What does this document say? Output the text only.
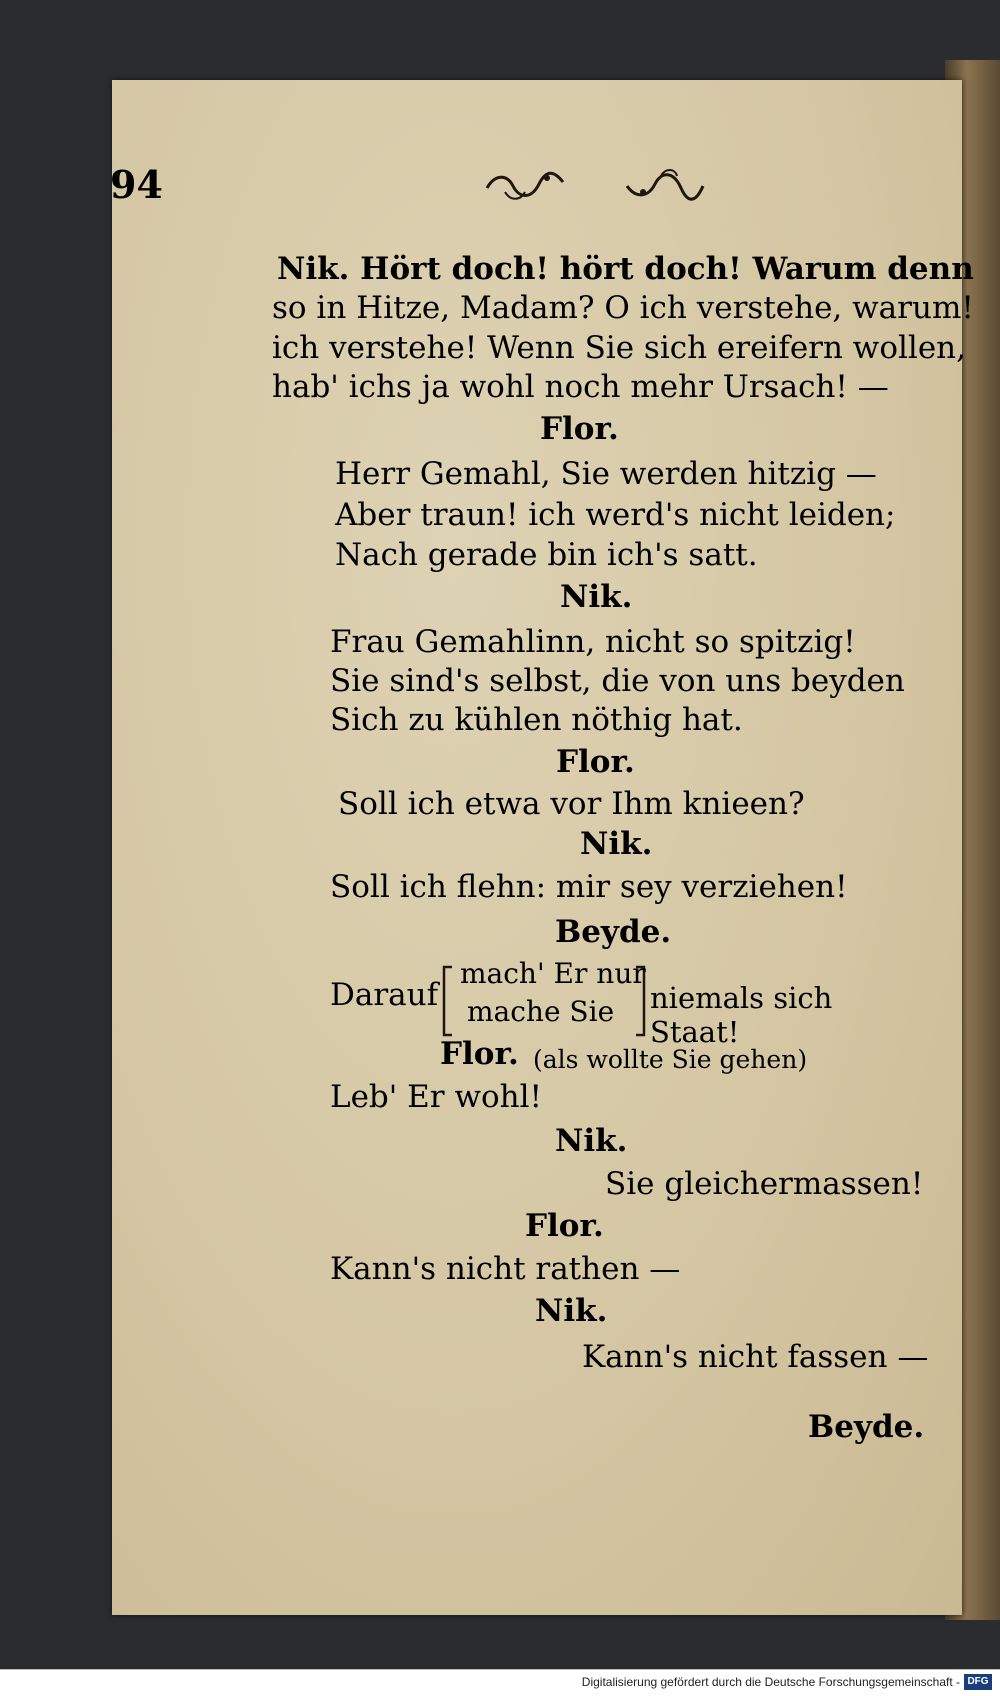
94
Nik. Hört doch! hört doch! Warum denn
so in Hitze, Madam? O ich verstehe, warum!
ich verstehe! Wenn Sie sich ereifern wollen,
hab' ichs ja wohl noch mehr Ursach! —
Flor.
Herr Gemahl, Sie werden hitzig —
Aber traun! ich werd's nicht leiden;
Nach gerade bin ich's satt.
Nik.
Frau Gemahlinn, nicht so spitzig!
Sie sind's selbst, die von uns beyden
Sich zu kühlen nöthig hat.
Flor.
Soll ich etwa vor Ihm knieen?
Nik.
Soll ich flehn: mir sey verziehen!
Beyde.
Darauf
mach' Er nur
mache Sie niemals sich Staat!
Flor. (als wollte Sie gehen)
Leb' Er wohl!
Nik.
Sie gleichermassen!
Flor.
Kann's nicht rathen —
Nik.
Kann's nicht fassen —
Beyde.
Digitalisierung gefördert durch die Deutsche Forschungsgemeinschaft - DFG
